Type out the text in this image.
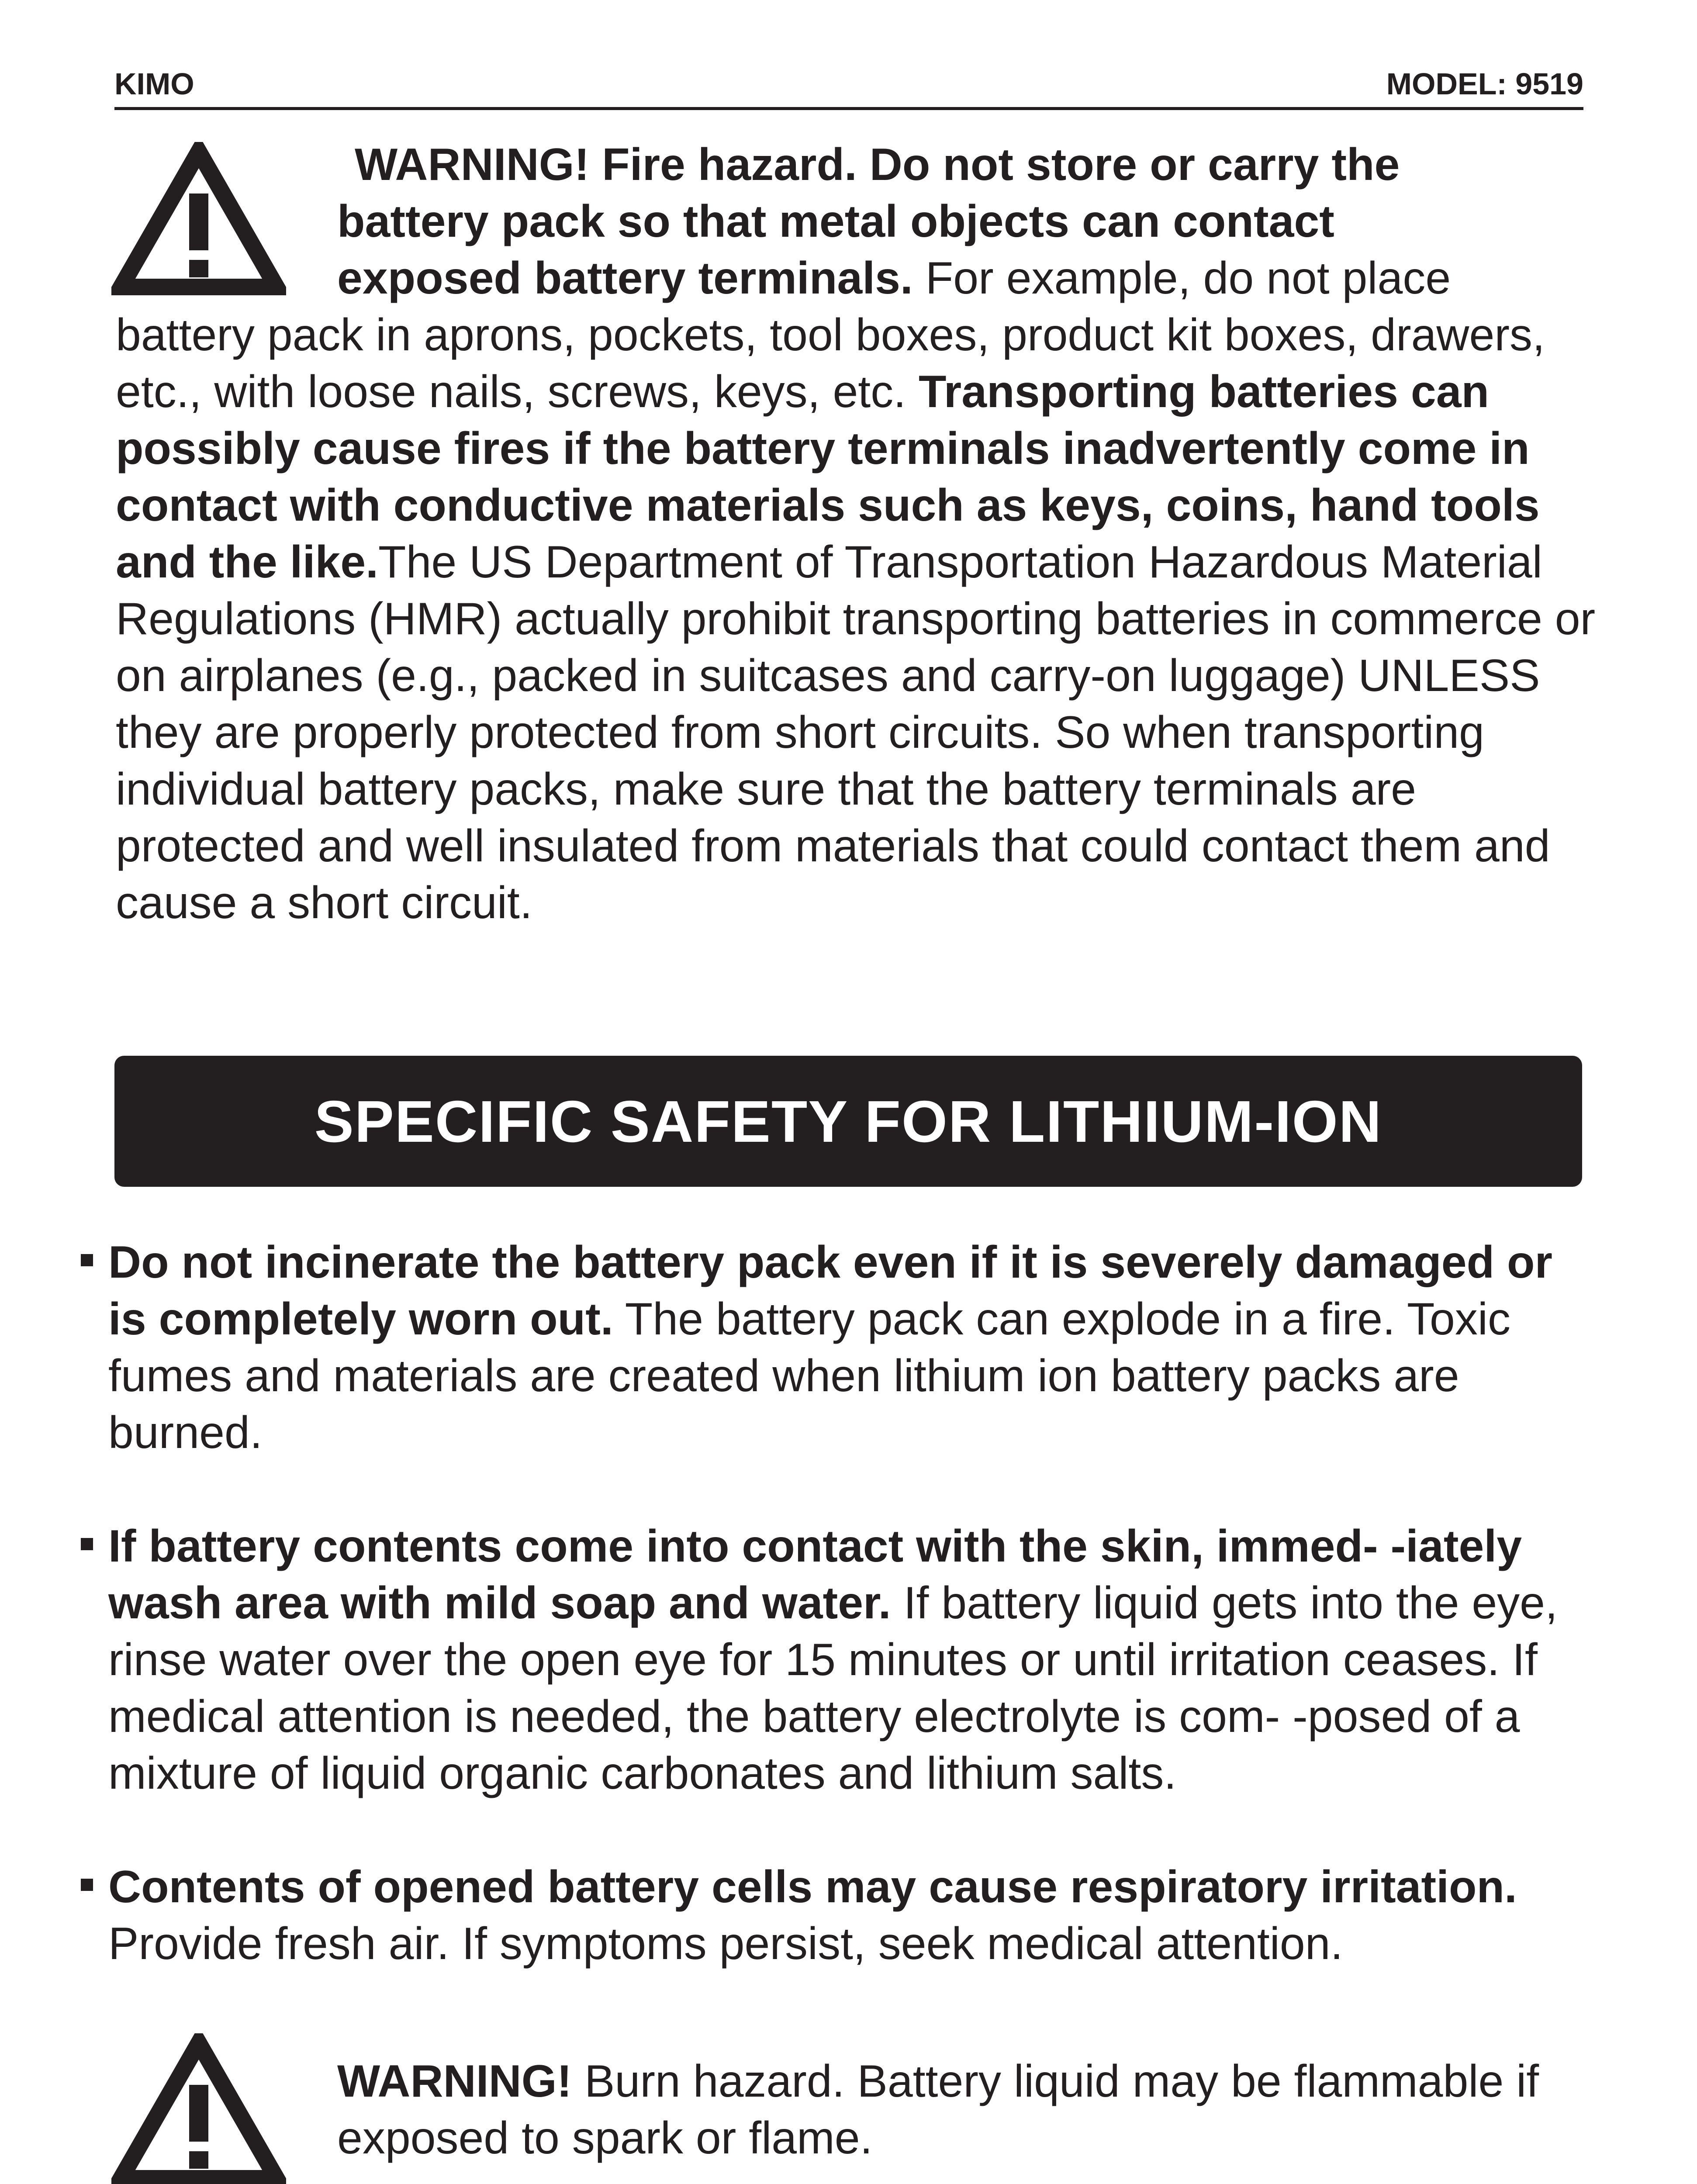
KIMO	MODEL: 9519
WARNING! Fire hazard. Do not store or carry the
battery pack so that metal objects can contact
exposed battery terminals. For example, do not place

battery pack in aprons, pockets, tool boxes, product kit boxes, drawers, etc., with loose nails, screws, keys, etc. Transporting batteries can possibly cause fires if the battery terminals inadvertently come in contact with conductive materials such as keys, coins, hand tools and the like.The US Department of Transportation Hazardous Material Regulations (HMR) actually prohibit transporting batteries in commerce or on airplanes (e.g., packed in suitcases and carry-on luggage) UNLESS they are properly protected from short circuits. So when transporting individual battery packs, make sure that the battery terminals are protected and well insulated from materials that could contact them and cause a short circuit.

SPECIFIC SAFETY FOR LITHIUM-ION
Do not incinerate the battery pack even if it is severely damaged or is completely worn out. The battery pack can explode in a fire. Toxic fumes and materials are created when lithium ion battery packs are burned.
If battery contents come into contact with the skin, immed- -iately wash area with mild soap and water. If battery liquid gets into the eye, rinse water over the open eye for 15 minutes or until irritation ceases. If medical attention is needed, the battery electrolyte is com- -posed of a mixture of liquid organic carbonates and lithium salts.
Contents of opened battery cells may cause respiratory irritation. Provide fresh air. If symptoms persist, seek medical attention.

WARNING! Burn hazard. Battery liquid may be flammable if exposed to spark or flame.
